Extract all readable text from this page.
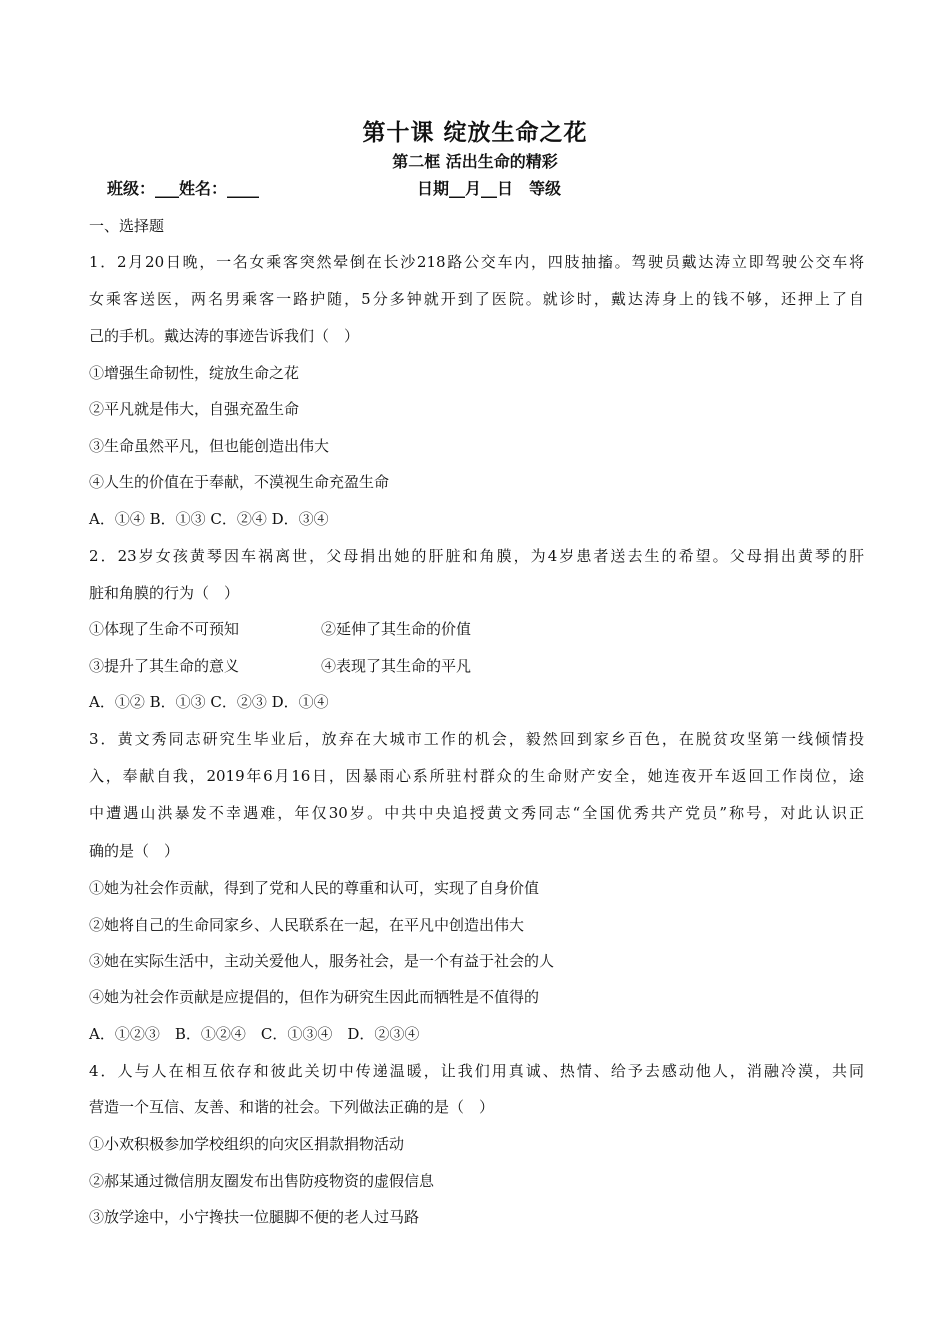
第十课 绽放生命之花
第二框 活出生命的精彩
班级：___姓名：____	日期__月__日　等级
一、选择题
1．2月20日晚，一名女乘客突然晕倒在长沙218路公交车内，四肢抽搐。驾驶员戴达涛立即驾驶公交车将
女乘客送医，两名男乘客一路护随，5分多钟就开到了医院。就诊时，戴达涛身上的钱不够，还押上了自
己的手机。戴达涛的事迹告诉我们（　）
①增强生命韧性，绽放生命之花
②平凡就是伟大，自强充盈生命
③生命虽然平凡，但也能创造出伟大
④人生的价值在于奉献，不漠视生命充盈生命
A．①④ B．①③ C．②④ D．③④
2．23岁女孩黄琴因车祸离世，父母捐出她的肝脏和角膜，为4岁患者送去生的希望。父母捐出黄琴的肝
脏和角膜的行为（　）
①体现了生命不可预知	②延伸了其生命的价值
③提升了其生命的意义	④表现了其生命的平凡
A．①② B．①③ C．②③ D．①④
3．黄文秀同志研究生毕业后，放弃在大城市工作的机会，毅然回到家乡百色，在脱贫攻坚第一线倾情投
入，奉献自我，2019年6月16日，因暴雨心系所驻村群众的生命财产安全，她连夜开车返回工作岗位，途
中遭遇山洪暴发不幸遇难，年仅30岁。中共中央追授黄文秀同志“全国优秀共产党员”称号，对此认识正
确的是（　）
①她为社会作贡献，得到了党和人民的尊重和认可，实现了自身价值
②她将自己的生命同家乡、人民联系在一起，在平凡中创造出伟大
③她在实际生活中，主动关爱他人，服务社会，是一个有益于社会的人
④她为社会作贡献是应提倡的，但作为研究生因此而牺牲是不值得的
A．①②③　B．①②④　C．①③④　D．②③④
4．人与人在相互依存和彼此关切中传递温暖，让我们用真诚、热情、给予去感动他人，消融冷漠，共同
营造一个互信、友善、和谐的社会。下列做法正确的是（　）
①小欢积极参加学校组织的向灾区捐款捐物活动
②郝某通过微信朋友圈发布出售防疫物资的虚假信息
③放学途中，小宁搀扶一位腿脚不便的老人过马路
